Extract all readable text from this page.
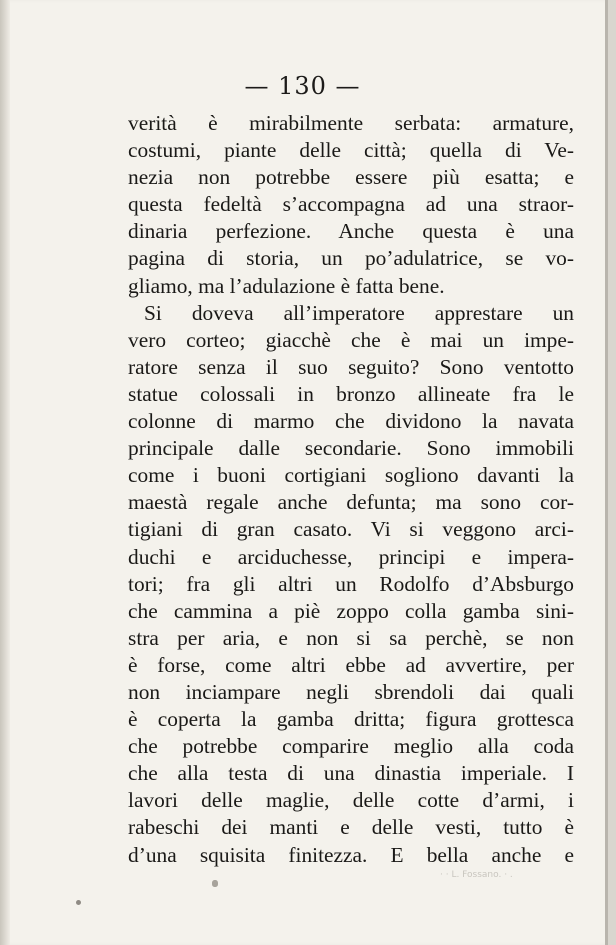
— 130 —
verità è mirabilmente serbata: armature,
costumi, piante delle città; quella di Ve-
nezia non potrebbe essere più esatta; e
questa fedeltà s’accompagna ad una straor-
dinaria perfezione. Anche questa è una
pagina di storia, un po’adulatrice, se vo-
gliamo, ma l’adulazione è fatta bene.
Si doveva all’imperatore apprestare un
vero corteo; giacchè che è mai un impe-
ratore senza il suo seguito? Sono ventotto
statue colossali in bronzo allineate fra le
colonne di marmo che dividono la navata
principale dalle secondarie. Sono immobili
come i buoni cortigiani sogliono davanti la
maestà regale anche defunta; ma sono cor-
tigiani di gran casato. Vi si veggono arci-
duchi e arciduchesse, principi e impera-
tori; fra gli altri un Rodolfo d’Absburgo
che cammina a piè zoppo colla gamba sini-
stra per aria, e non si sa perchè, se non
è forse, come altri ebbe ad avvertire, per
non inciampare negli sbrendoli dai quali
è coperta la gamba dritta; figura grottesca
che potrebbe comparire meglio alla coda
che alla testa di una dinastia imperiale. I
lavori delle maglie, delle cotte d’armi, i
rabeschi dei manti e delle vesti, tutto è
d’una squisita finitezza. E bella anche e
· · L. Fossano. · .
